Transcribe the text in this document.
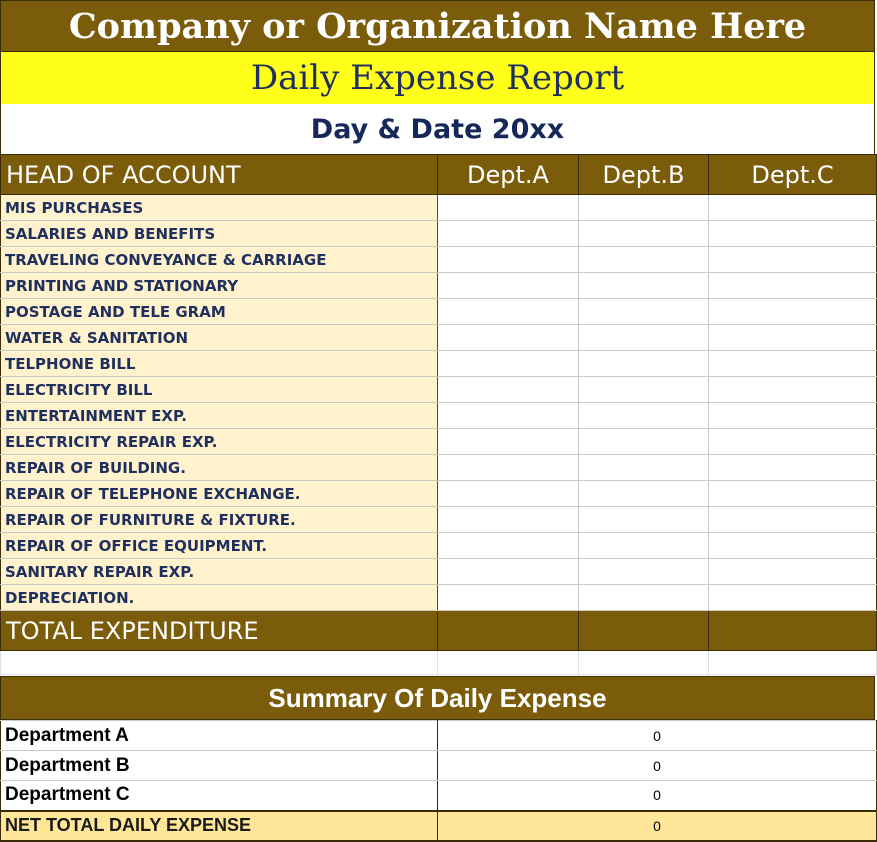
Company or Organization Name Here
Daily Expense Report
Day & Date 20xx
HEAD OF ACCOUNT	Dept.A	Dept.B	Dept.C
MIS PURCHASES			
SALARIES AND BENEFITS			
TRAVELING CONVEYANCE & CARRIAGE			
PRINTING AND STATIONARY			
POSTAGE AND TELE GRAM			
WATER & SANITATION			
TELPHONE BILL			
ELECTRICITY BILL			
ENTERTAINMENT EXP.			
ELECTRICITY REPAIR EXP.			
REPAIR OF BUILDING.			
REPAIR OF TELEPHONE EXCHANGE.			
REPAIR OF FURNITURE & FIXTURE.			
REPAIR OF OFFICE EQUIPMENT.			
SANITARY REPAIR EXP.			
DEPRECIATION.			
TOTAL EXPENDITURE			

Summary Of Daily Expense
Department A	0
Department B	0
Department C	0
NET TOTAL DAILY EXPENSE	0
